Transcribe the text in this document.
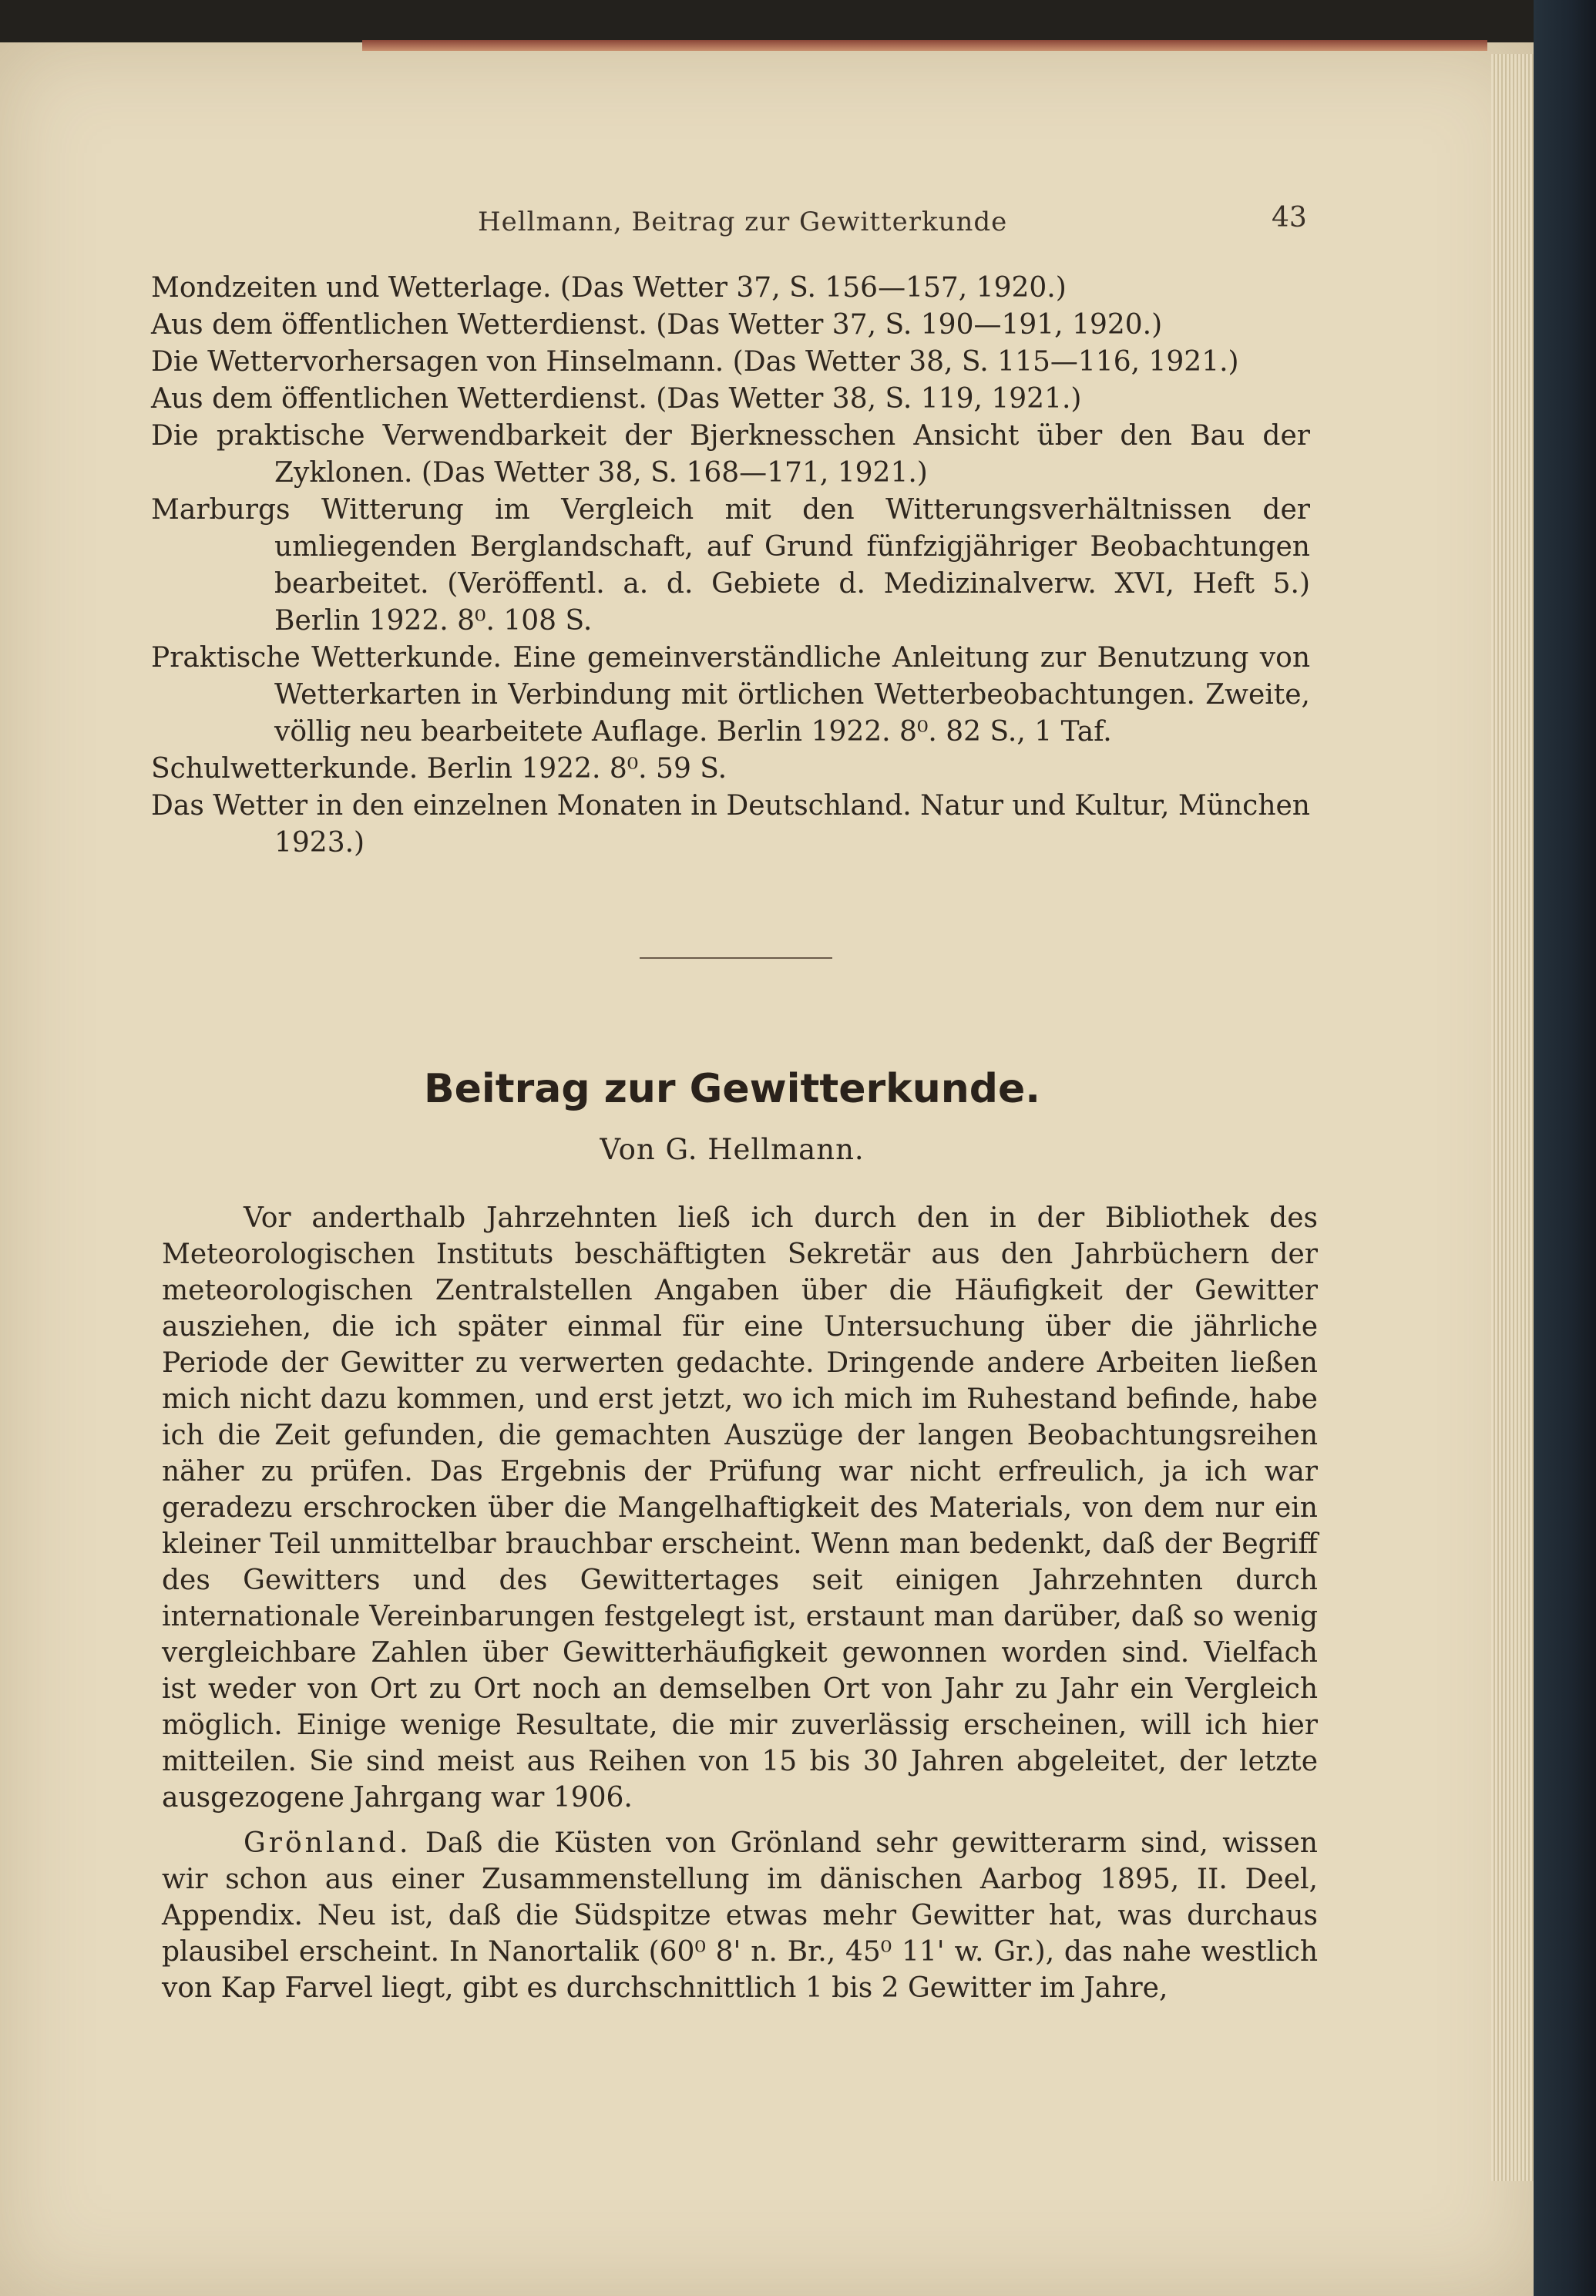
Hellmann, Beitrag zur Gewitterkunde	43
Mondzeiten und Wetterlage. (Das Wetter 37, S. 156—157, 1920.)
Aus dem öffentlichen Wetterdienst. (Das Wetter 37, S. 190—191, 1920.)
Die Wettervorhersagen von Hinselmann. (Das Wetter 38, S. 115—116, 1921.)
Aus dem öffentlichen Wetterdienst. (Das Wetter 38, S. 119, 1921.)
Die praktische Verwendbarkeit der Bjerknesschen Ansicht über den Bau der Zyklonen. (Das Wetter 38, S. 168—171, 1921.)
Marburgs Witterung im Vergleich mit den Witterungsverhältnissen der umliegenden Berglandschaft, auf Grund fünfzigjähriger Beobachtungen bearbeitet. (Veröffentl. a. d. Gebiete d. Medizinalverw. XVI, Heft 5.) Berlin 1922. 8⁰. 108 S.
Praktische Wetterkunde. Eine gemeinverständliche Anleitung zur Benutzung von Wetterkarten in Verbindung mit örtlichen Wetterbeobachtungen. Zweite, völlig neu bearbeitete Auflage. Berlin 1922. 8⁰. 82 S., 1 Taf.
Schulwetterkunde. Berlin 1922. 8⁰. 59 S.
Das Wetter in den einzelnen Monaten in Deutschland. Natur und Kultur, München 1923.)
Beitrag zur Gewitterkunde.
Von G. Hellmann.

Vor anderthalb Jahrzehnten ließ ich durch den in der Bibliothek des Meteorologischen Instituts beschäftigten Sekretär aus den Jahrbüchern der meteorologischen Zentralstellen Angaben über die Häufigkeit der Gewitter ausziehen, die ich später einmal für eine Untersuchung über die jährliche Periode der Gewitter zu verwerten gedachte. Dringende andere Arbeiten ließen mich nicht dazu kommen, und erst jetzt, wo ich mich im Ruhestand befinde, habe ich die Zeit gefunden, die gemachten Auszüge der langen Beobachtungsreihen näher zu prüfen. Das Ergebnis der Prüfung war nicht erfreulich, ja ich war geradezu erschrocken über die Mangelhaftigkeit des Materials, von dem nur ein kleiner Teil unmittelbar brauchbar erscheint. Wenn man bedenkt, daß der Begriff des Gewitters und des Gewittertages seit einigen Jahrzehnten durch internationale Vereinbarungen festgelegt ist, erstaunt man darüber, daß so wenig vergleichbare Zahlen über Gewitterhäufigkeit gewonnen worden sind. Vielfach ist weder von Ort zu Ort noch an demselben Ort von Jahr zu Jahr ein Vergleich möglich. Einige wenige Resultate, die mir zuverlässig erscheinen, will ich hier mitteilen. Sie sind meist aus Reihen von 15 bis 30 Jahren abgeleitet, der letzte ausgezogene Jahrgang war 1906.

Grönland. Daß die Küsten von Grönland sehr gewitterarm sind, wissen wir schon aus einer Zusammenstellung im dänischen Aarbog 1895, II. Deel, Appendix. Neu ist, daß die Südspitze etwas mehr Gewitter hat, was durchaus plausibel erscheint. In Nanortalik (60⁰ 8' n. Br., 45⁰ 11' w. Gr.), das nahe westlich von Kap Farvel liegt, gibt es durchschnittlich 1 bis 2 Gewitter im Jahre,
